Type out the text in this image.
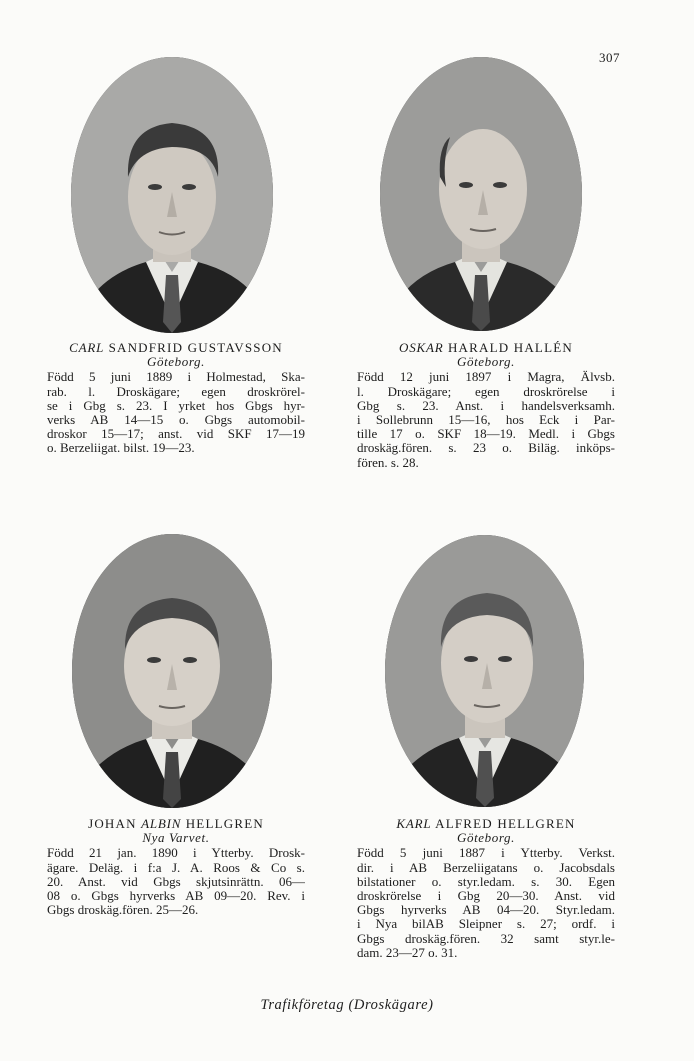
307
CARL SANDFRID GUSTAVSSON
Göteborg.
Född 5 juni 1889 i Holmestad, Ska-
rab. l. Droskägare; egen droskrörel-
se i Gbg s. 23. I yrket hos Gbgs hyr-
verks AB 14—15 o. Gbgs automobil-
droskor 15—17; anst. vid SKF 17—19
o. Berzeliigat. bilst. 19—23.
OSKAR HARALD HALLÉN
Göteborg.
Född 12 juni 1897 i Magra, Älvsb.
l. Droskägare; egen droskrörelse i
Gbg s. 23. Anst. i handelsverksamh.
i Sollebrunn 15—16, hos Eck i Par-
tille 17 o. SKF 18—19. Medl. i Gbgs
droskäg.fören. s. 23 o. Biläg. inköps-
fören. s. 28.
JOHAN ALBIN HELLGREN
Nya Varvet.
Född 21 jan. 1890 i Ytterby. Drosk-
ägare. Deläg. i f:a J. A. Roos & Co s.
20. Anst. vid Gbgs skjutsinrättn. 06—
08 o. Gbgs hyrverks AB 09—20. Rev. i
Gbgs droskäg.fören. 25—26.
KARL ALFRED HELLGREN
Göteborg.
Född 5 juni 1887 i Ytterby. Verkst.
dir. i AB Berzeliigatans o. Jacobsdals
bilstationer o. styr.ledam. s. 30. Egen
droskrörelse i Gbg 20—30. Anst. vid
Gbgs hyrverks AB 04—20. Styr.ledam.
i Nya bilAB Sleipner s. 27; ordf. i
Gbgs droskäg.fören. 32 samt styr.le-
dam. 23—27 o. 31.
Trafikföretag (Droskägare)
